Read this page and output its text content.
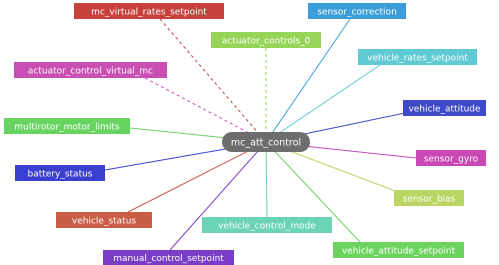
mc_att_control
mc_virtual_rates_setpoint	sensor_correction
actuator_controls_0
vehicle_rates_setpoint
actuator_control_virtual_mc
vehicle_attitude
multirotor_motor_limits
sensor_gyro
battery_status
sensor_bias
vehicle_status	vehicle_control_mode
vehicle_attitude_setpoint
manual_control_setpoint
